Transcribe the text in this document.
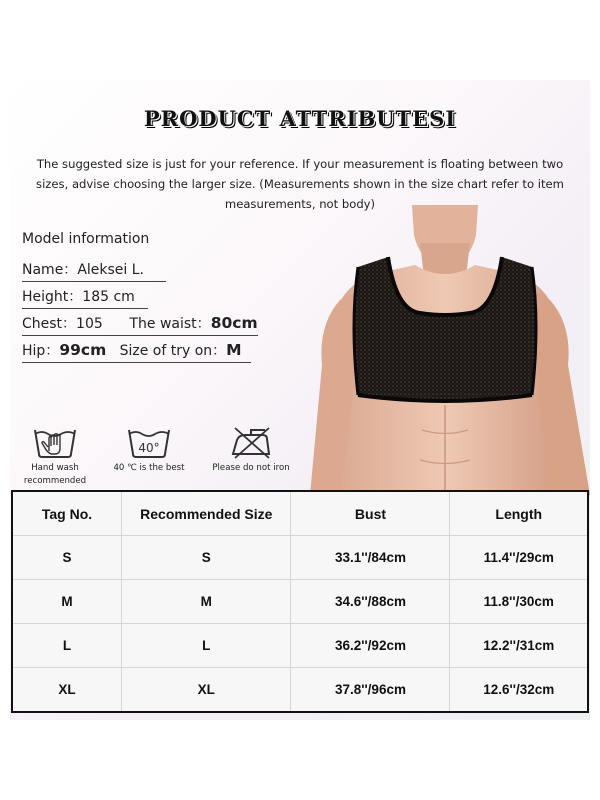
PRODUCT ATTRIBUTESI
The suggested size is just for your reference. If your measurement is floating between two sizes, advise choosing the larger size. (Measurements shown in the size chart refer to item measurements, not body)
Model information
Name：Aleksei L.
Height：185 cm
Chest：105 The waist：80cm
Hip：99cm Size of try on：M
Hand wash
recommended
40°
40 ℃ is the best	Please do not iron
Tag No.	Recommended Size	Bust	Length
S	S	33.1''/84cm	11.4''/29cm
M	M	34.6''/88cm	11.8''/30cm
L	L	36.2''/92cm	12.2''/31cm
XL	XL	37.8''/96cm	12.6''/32cm
